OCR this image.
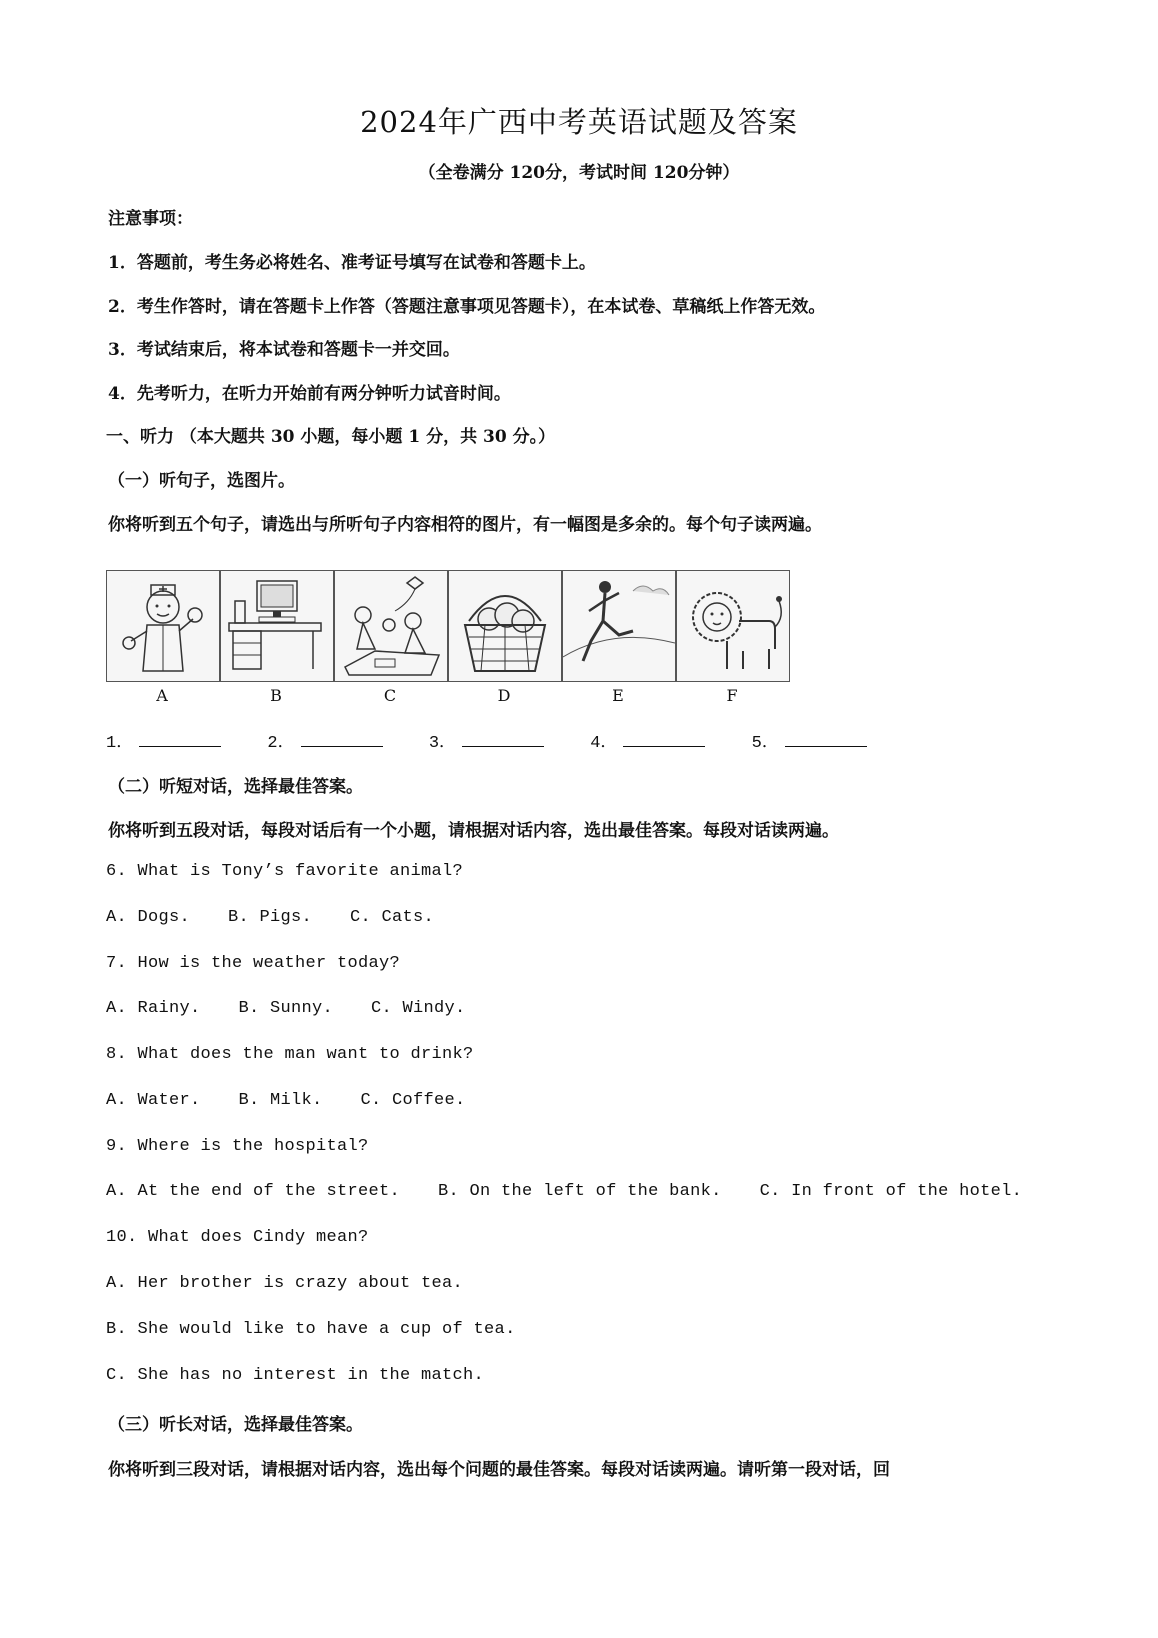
2024年广西中考英语试题及答案
（全卷满分 120分，考试时间 120分钟）
注意事项：
1．答题前，考生务必将姓名、准考证号填写在试卷和答题卡上。
2．考生作答时，请在答题卡上作答（答题注意事项见答题卡），在本试卷、草稿纸上作答无效。
3．考试结束后，将本试卷和答题卡一并交回。
4．先考听力，在听力开始前有两分钟听力试音时间。
一、听力 （本大题共 30 小题，每小题 1 分，共 30 分。）
（一）听句子，选图片。
你将听到五个句子，请选出与所听句子内容相符的图片，有一幅图是多余的。每个句子读两遍。
A	B	C	D	E	F
1．	2．	3．	4．	5．
（二）听短对话，选择最佳答案。
你将听到五段对话，每段对话后有一个小题，请根据对话内容，选出最佳答案。每段对话读两遍。
6. What is Tony’s favorite animal?
A. Dogs. B. Pigs. C. Cats.
7. How is the weather today?
A. Rainy. B. Sunny. C. Windy.
8. What does the man want to drink?
A. Water. B. Milk. C. Coffee.
9. Where is the hospital?
A. At the end of the street. B. On the left of the bank. C. In front of the hotel.
10. What does Cindy mean?
A. Her brother is crazy about tea.
B. She would like to have a cup of tea.
C. She has no interest in the match.
（三）听长对话，选择最佳答案。
你将听到三段对话，请根据对话内容，选出每个问题的最佳答案。每段对话读两遍。请听第一段对话，回
